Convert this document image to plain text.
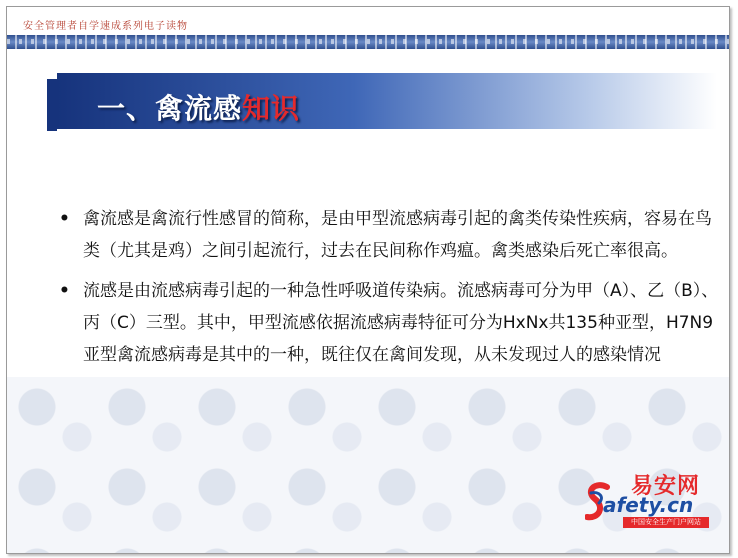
安全管理者自学速成系列电子读物
一、禽流感知识
• 禽流感是禽流行性感冒的简称，是由甲型流感病毒引起的禽类传染性疾病，容易在鸟类（尤其是鸡）之间引起流行，过去在民间称作鸡瘟。禽类感染后死亡率很高。
• 流感是由流感病毒引起的一种急性呼吸道传染病。流感病毒可分为甲（A）、乙（B）、丙（C）三型。其中，甲型流感依据流感病毒特征可分为HxNx共135种亚型，H7N9亚型禽流感病毒是其中的一种，既往仅在禽间发现，从未发现过人的感染情况
易安网
afety.cn
中国安全生产门户网站
